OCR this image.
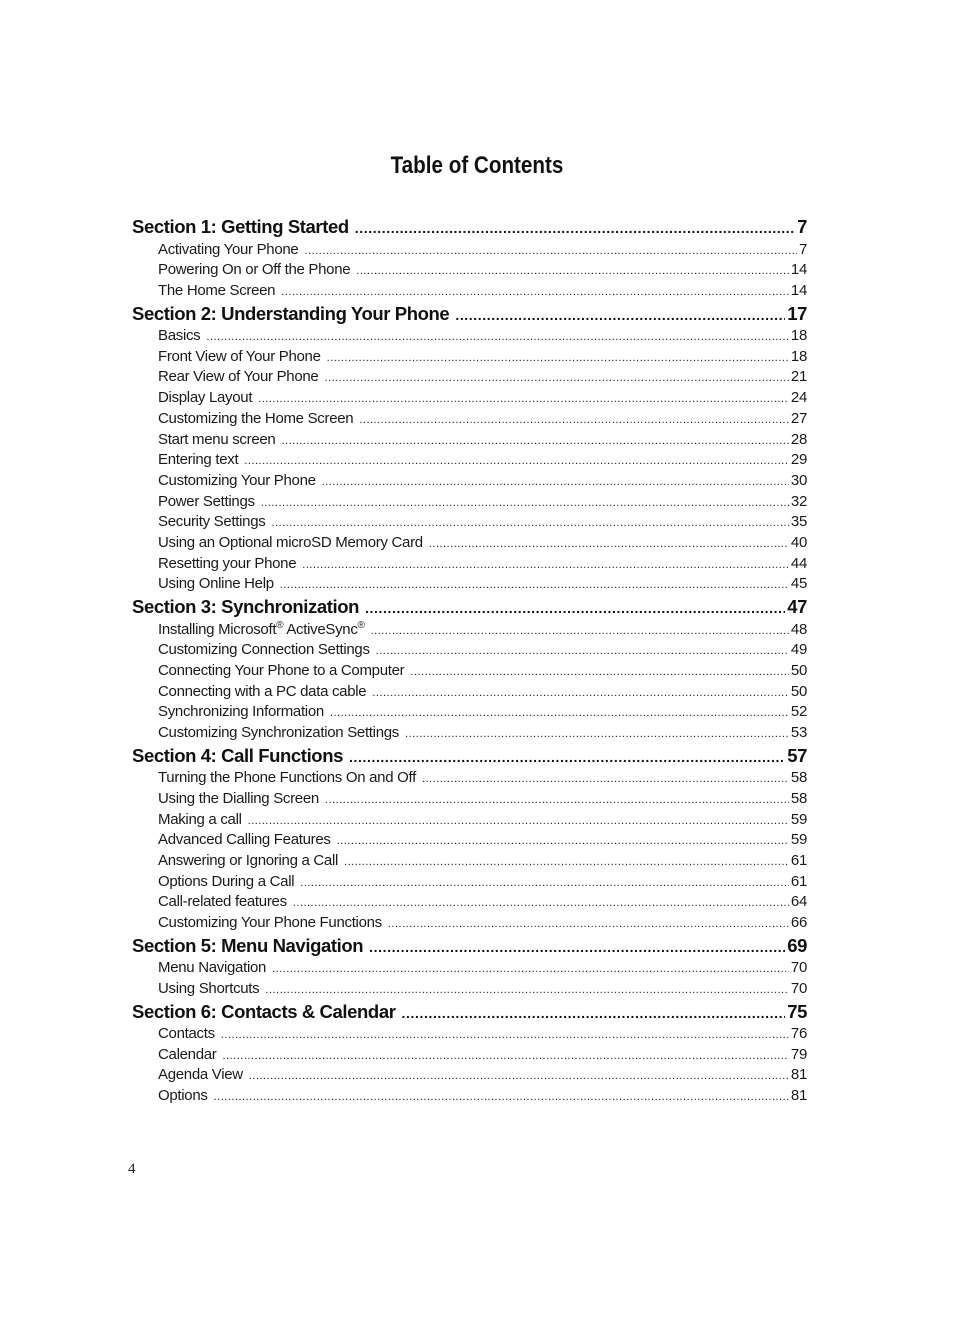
Table of Contents
Section 1: Getting Started .....	7
Activating Your Phone .....	7
Powering On or Off the Phone .....	14
The Home Screen .....	14
Section 2: Understanding Your Phone .....	17
Basics .....	18
Front View of Your Phone .....	18
Rear View of Your Phone .....	21
Display Layout .....	24
Customizing the Home Screen .....	27
Start menu screen .....	28
Entering text .....	29
Customizing Your Phone .....	30
Power Settings .....	32
Security Settings .....	35
Using an Optional microSD Memory Card .....	40
Resetting your Phone .....	44
Using Online Help .....	45
Section 3: Synchronization .....	47
Installing Microsoft® ActiveSync® .....	48
Customizing Connection Settings .....	49
Connecting Your Phone to a Computer .....	50
Connecting with a PC data cable .....	50
Synchronizing Information .....	52
Customizing Synchronization Settings .....	53
Section 4: Call Functions .....	57
Turning the Phone Functions On and Off .....	58
Using the Dialling Screen .....	58
Making a call .....	59
Advanced Calling Features .....	59
Answering or Ignoring a Call .....	61
Options During a Call .....	61
Call-related features .....	64
Customizing Your Phone Functions .....	66
Section 5: Menu Navigation .....	69
Menu Navigation .....	70
Using Shortcuts .....	70
Section 6: Contacts & Calendar .....	75
Contacts .....	76
Calendar .....	79
Agenda View .....	81
Options .....	81
4
